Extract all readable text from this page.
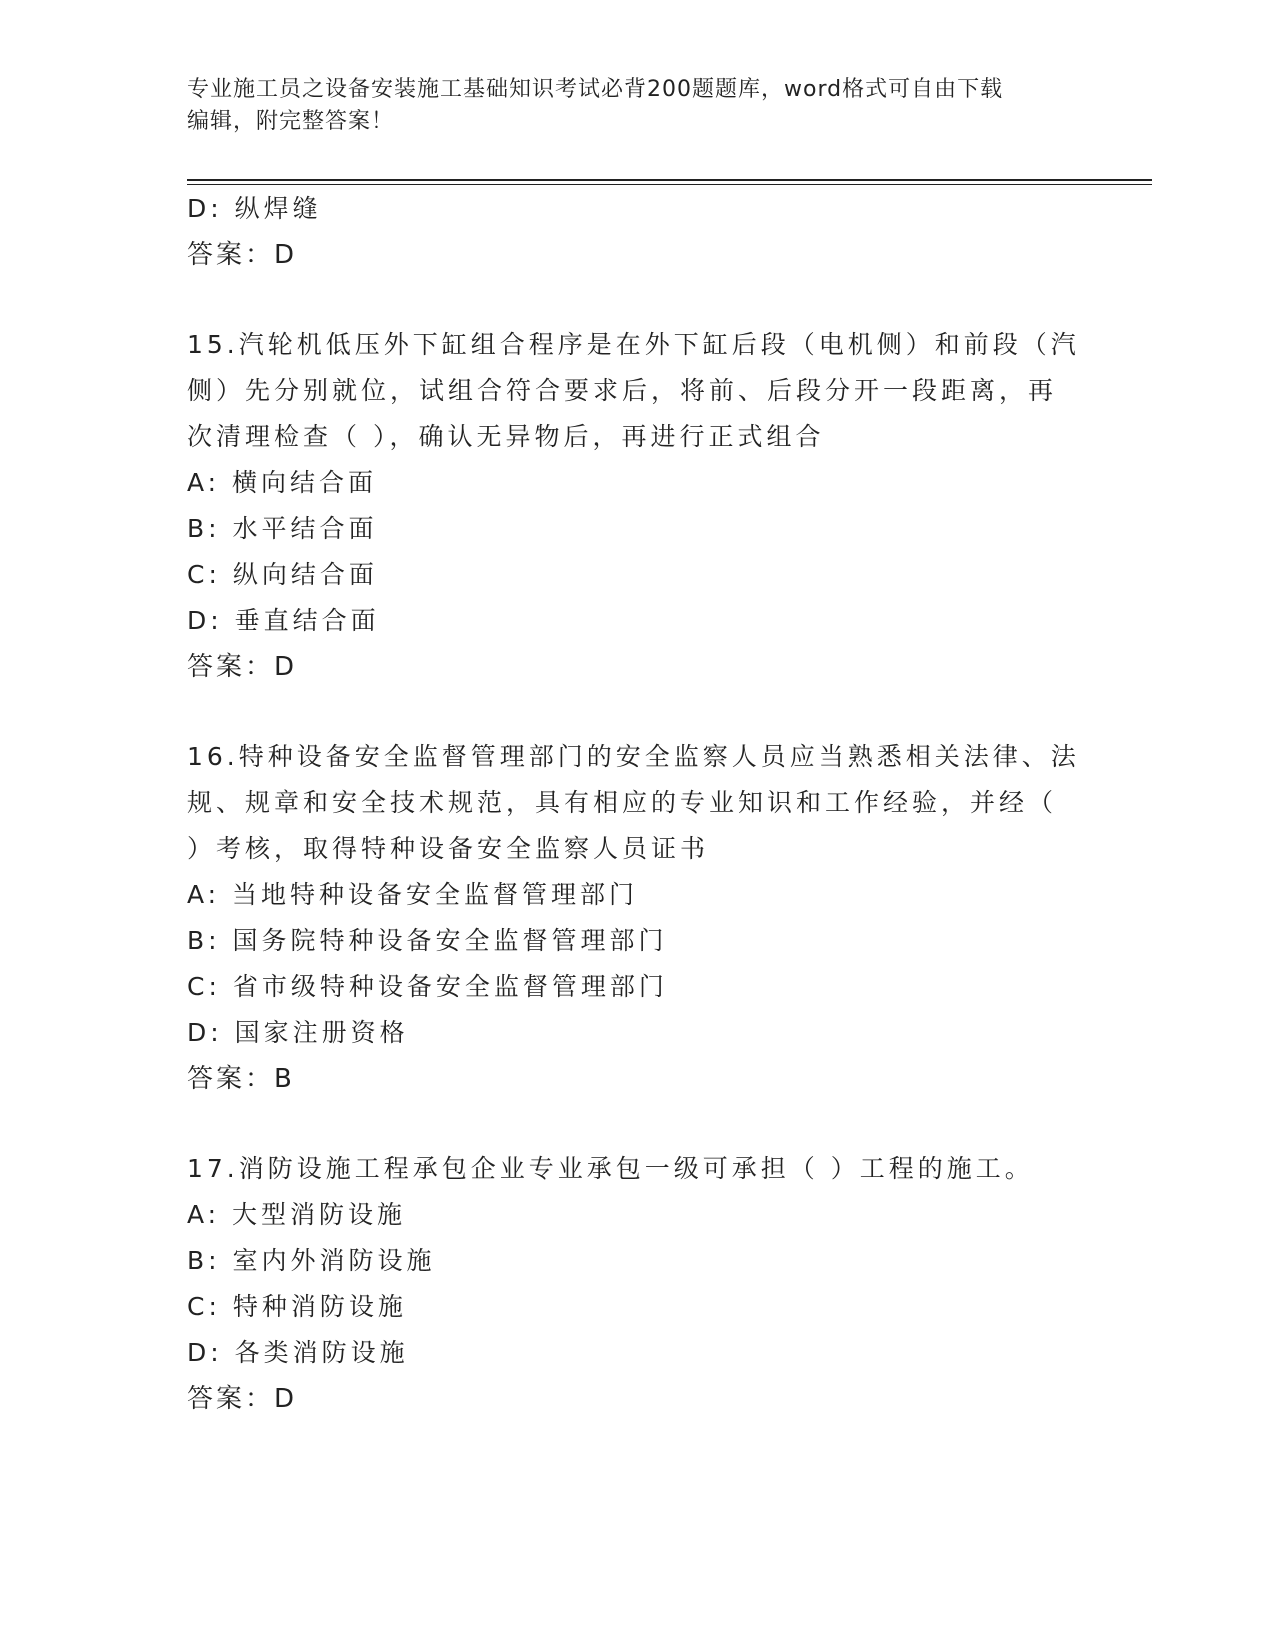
专业施工员之设备安装施工基础知识考试必背200题题库，word格式可自由下载
编辑，附完整答案！
D: 纵焊缝
答案：D
15.汽轮机低压外下缸组合程序是在外下缸后段（电机侧）和前段（汽
侧）先分别就位，试组合符合要求后，将前、后段分开一段距离，再
次清理检查（ ），确认无异物后，再进行正式组合
A: 横向结合面
B: 水平结合面
C: 纵向结合面
D: 垂直结合面
答案：D
16.特种设备安全监督管理部门的安全监察人员应当熟悉相关法律、法
规、规章和安全技术规范，具有相应的专业知识和工作经验，并经（
）考核，取得特种设备安全监察人员证书
A: 当地特种设备安全监督管理部门
B: 国务院特种设备安全监督管理部门
C: 省市级特种设备安全监督管理部门
D: 国家注册资格
答案：B
17.消防设施工程承包企业专业承包一级可承担（ ）工程的施工。
A: 大型消防设施
B: 室内外消防设施
C: 特种消防设施
D: 各类消防设施
答案：D
